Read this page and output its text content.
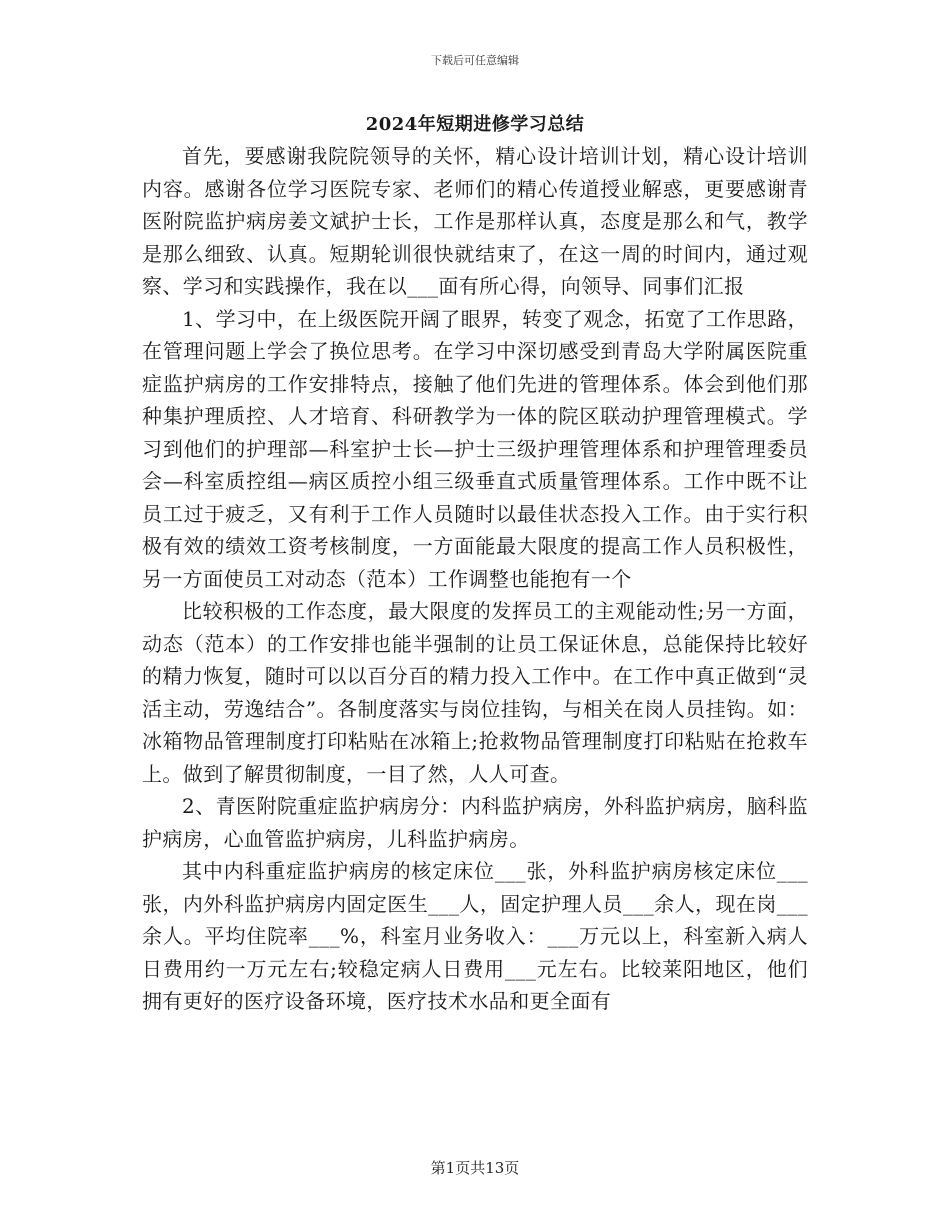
下载后可任意编辑
2024年短期进修学习总结

首先，要感谢我院院领导的关怀，精心设计培训计划，精心设计培训内容。感谢各位学习医院专家、老师们的精心传道授业解惑，更要感谢青医附院监护病房姜文斌护士长，工作是那样认真，态度是那么和气，教学是那么细致、认真。短期轮训很快就结束了，在这一周的时间内，通过观察、学习和实践操作，我在以___面有所心得，向领导、同事们汇报

1、学习中，在上级医院开阔了眼界，转变了观念，拓宽了工作思路，在管理问题上学会了换位思考。在学习中深切感受到青岛大学附属医院重症监护病房的工作安排特点，接触了他们先进的管理体系。体会到他们那种集护理质控、人才培育、科研教学为一体的院区联动护理管理模式。学习到他们的护理部—科室护士长—护士三级护理管理体系和护理管理委员会—科室质控组—病区质控小组三级垂直式质量管理体系。工作中既不让员工过于疲乏，又有利于工作人员随时以最佳状态投入工作。由于实行积极有效的绩效工资考核制度，一方面能最大限度的提高工作人员积极性，另一方面使员工对动态（范本）工作调整也能抱有一个

比较积极的工作态度，最大限度的发挥员工的主观能动性;另一方面，动态（范本）的工作安排也能半强制的让员工保证休息，总能保持比较好的精力恢复，随时可以以百分百的精力投入工作中。在工作中真正做到“灵活主动，劳逸结合”。各制度落实与岗位挂钩，与相关在岗人员挂钩。如：冰箱物品管理制度打印粘贴在冰箱上;抢救物品管理制度打印粘贴在抢救车上。做到了解贯彻制度，一目了然，人人可查。

2、青医附院重症监护病房分：内科监护病房，外科监护病房，脑科监护病房，心血管监护病房，儿科监护病房。

其中内科重症监护病房的核定床位___张，外科监护病房核定床位___张，内外科监护病房内固定医生___人，固定护理人员___余人，现在岗___余人。平均住院率___%，科室月业务收入：___万元以上，科室新入病人日费用约一万元左右;较稳定病人日费用___元左右。比较莱阳地区，他们拥有更好的医疗设备环境，医疗技术水品和更全面有

第1页共13页
